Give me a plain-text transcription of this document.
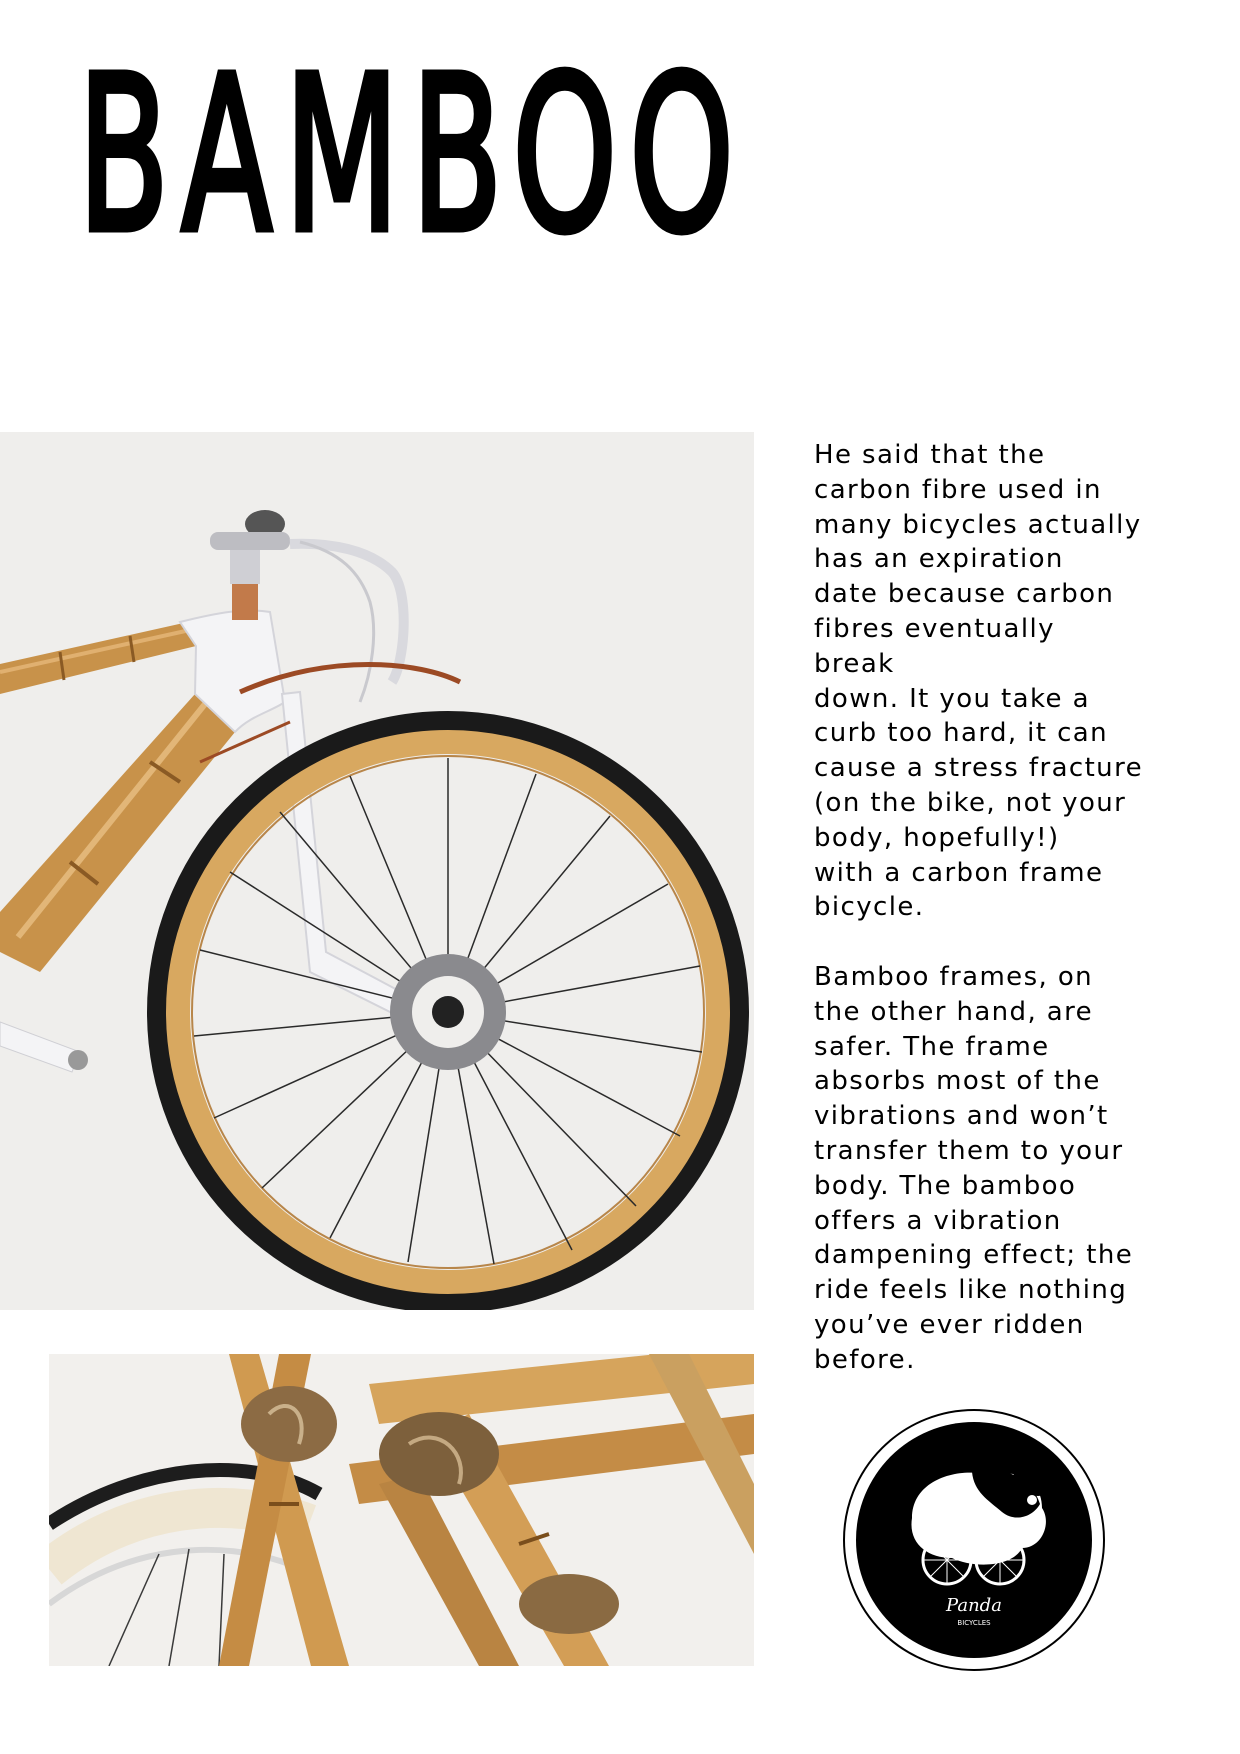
BAMBOO

He said that the
carbon fibre used in
many bicycles actually
has an expiration
date because carbon
fibres eventually break
down. It you take a
curb too hard, it can
cause a stress fracture
(on the bike, not your
body, hopefully!)
with a carbon frame
bicycle.

Bamboo frames, on
the other hand, are
safer. The frame
absorbs most of the
vibrations and won’t
transfer them to your
body. The bamboo
offers a vibration
dampening effect; the
ride feels like nothing
you’ve ever ridden
before.

Panda
BICYCLES
